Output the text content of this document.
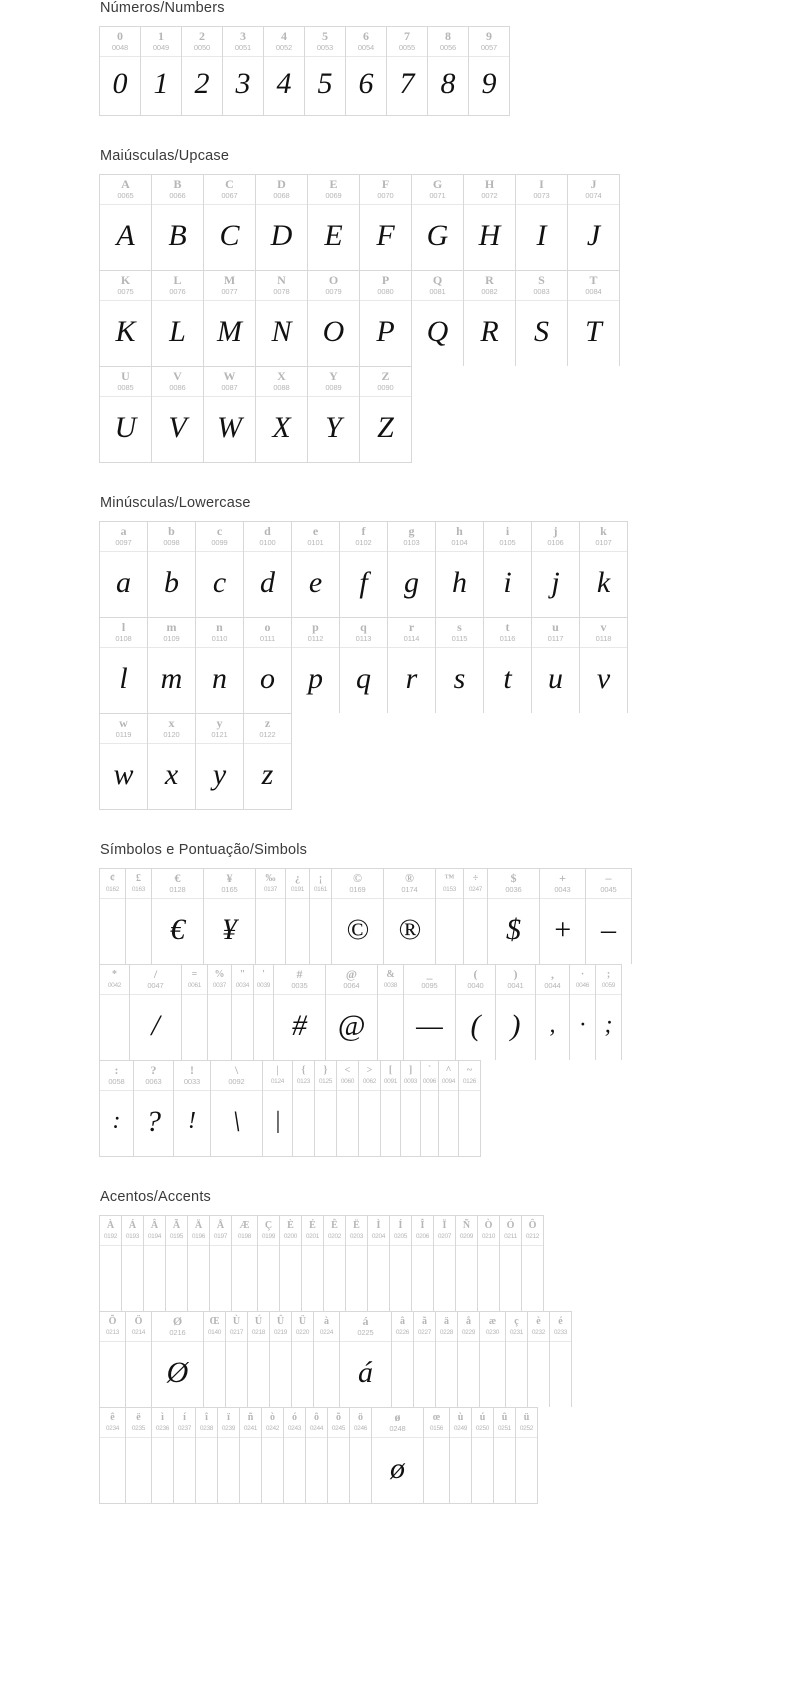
Números/Numbers
0
0048
0
1
0049
1
2
0050
2
3
0051
3
4
0052
4
5
0053
5
6
0054
6
7
0055
7
8
0056
8
9
0057
9
Maiúsculas/Upcase
A
0065
A
B
0066
B
C
0067
C
D
0068
D
E
0069
E
F
0070
F
G
0071
G
H
0072
H
I
0073
I
J
0074
J
K
0075
K
L
0076
L
M
0077
M
N
0078
N
O
0079
O
P
0080
P
Q
0081
Q
R
0082
R
S
0083
S
T
0084
T
U
0085
U
V
0086
V
W
0087
W
X
0088
X
Y
0089
Y
Z
0090
Z
Minúsculas/Lowercase
a
0097
a
b
0098
b
c
0099
c
d
0100
d
e
0101
e
f
0102
f
g
0103
g
h
0104
h
i
0105
i
j
0106
j
k
0107
k
l
0108
l
m
0109
m
n
0110
n
o
0111
o
p
0112
p
q
0113
q
r
0114
r
s
0115
s
t
0116
t
u
0117
u
v
0118
v
w
0119
w
x
0120
x
y
0121
y
z
0122
z
Símbolos e Pontuação/Simbols
¢
0162
£
0163
€
0128
€
¥
0165
¥
‰
0137
¿
0191
¡
0161
©
0169
©
®
0174
®
™
0153
÷
0247
$
0036
$
+
0043
+
–
0045
–
*
0042
/
0047
/
=
0061
%
0037
"
0034
'
0039
#
0035
#
@
0064
@
&
0038
_
0095
—
(
0040
(
)
0041
)
,
0044
,
·
0046
·
;
0059
;
:
0058
:
?
0063
?
!
0033
!
\
0092
\
|
0124
|
{
0123
}
0125
<
0060
>
0062
[
0091
]
0093
`
0096
^
0094
~
0126
Acentos/Accents
À
0192
Á
0193
Â
0194
Ã
0195
Ä
0196
Å
0197
Æ
0198
Ç
0199
È
0200
É
0201
Ê
0202
Ë
0203
Ì
0204
Í
0205
Î
0206
Ï
0207
Ñ
0209
Ò
0210
Ó
0211
Ô
0212
Õ
0213
Ö
0214
Ø
0216
Ø
Œ
0140
Ù
0217
Ú
0218
Û
0219
Ü
0220
à
0224
á
0225
á
â
0226
ã
0227
ä
0228
å
0229
æ
0230
ç
0231
è
0232
é
0233
ê
0234
ë
0235
ì
0236
í
0237
î
0238
ï
0239
ñ
0241
ò
0242
ó
0243
ô
0244
õ
0245
ö
0246
ø
0248
ø
œ
0156
ù
0249
ú
0250
û
0251
ü
0252
